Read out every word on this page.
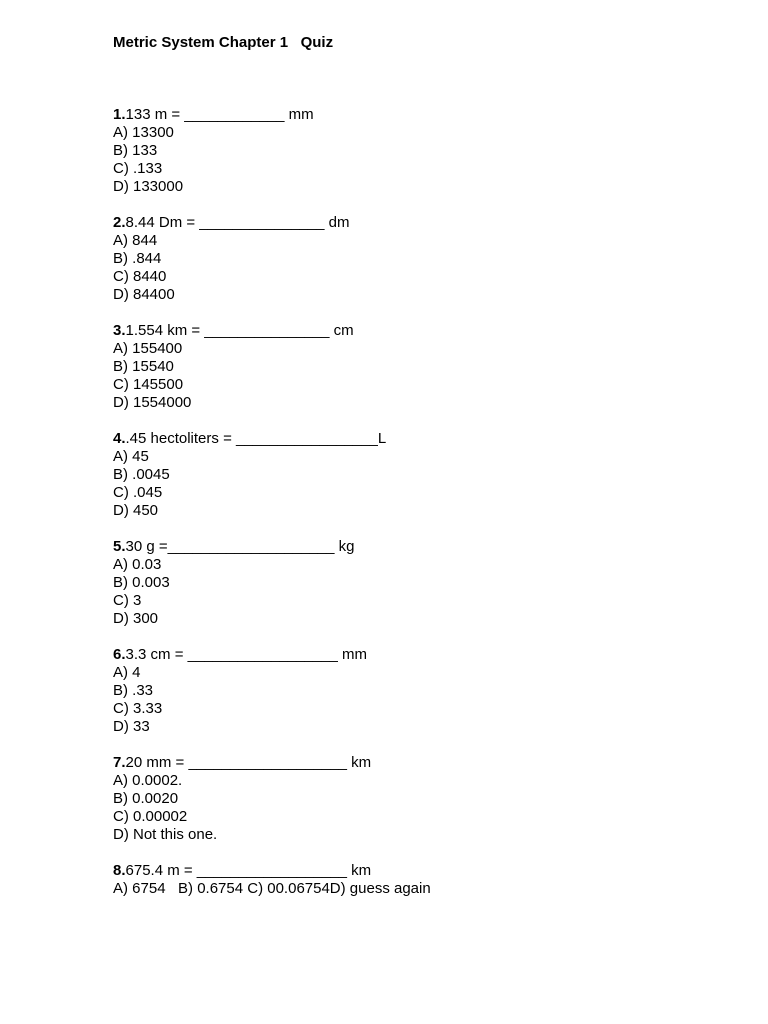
Metric System Chapter 1   Quiz
1.133 m = ____________ mm
A) 13300
B) 133
C) .133
D) 133000
2.8.44 Dm = _______________ dm
A) 844
B) .844
C) 8440
D) 84400
3.1.554 km = _______________ cm
A) 155400
B) 15540
C) 145500
D) 1554000
4..45 hectoliters = _________________L
A) 45
B) .0045
C) .045
D) 450
5.30 g =____________________ kg
A) 0.03
B) 0.003
C) 3
D) 300
6.3.3 cm = __________________ mm
A) 4
B) .33
C) 3.33
D) 33
7.20 mm = ___________________ km
A) 0.0002.
B) 0.0020
C) 0.00002
D) Not this one.
8.675.4 m = __________________ km
A) 6754   B) 0.6754 C) 00.06754D) guess again
